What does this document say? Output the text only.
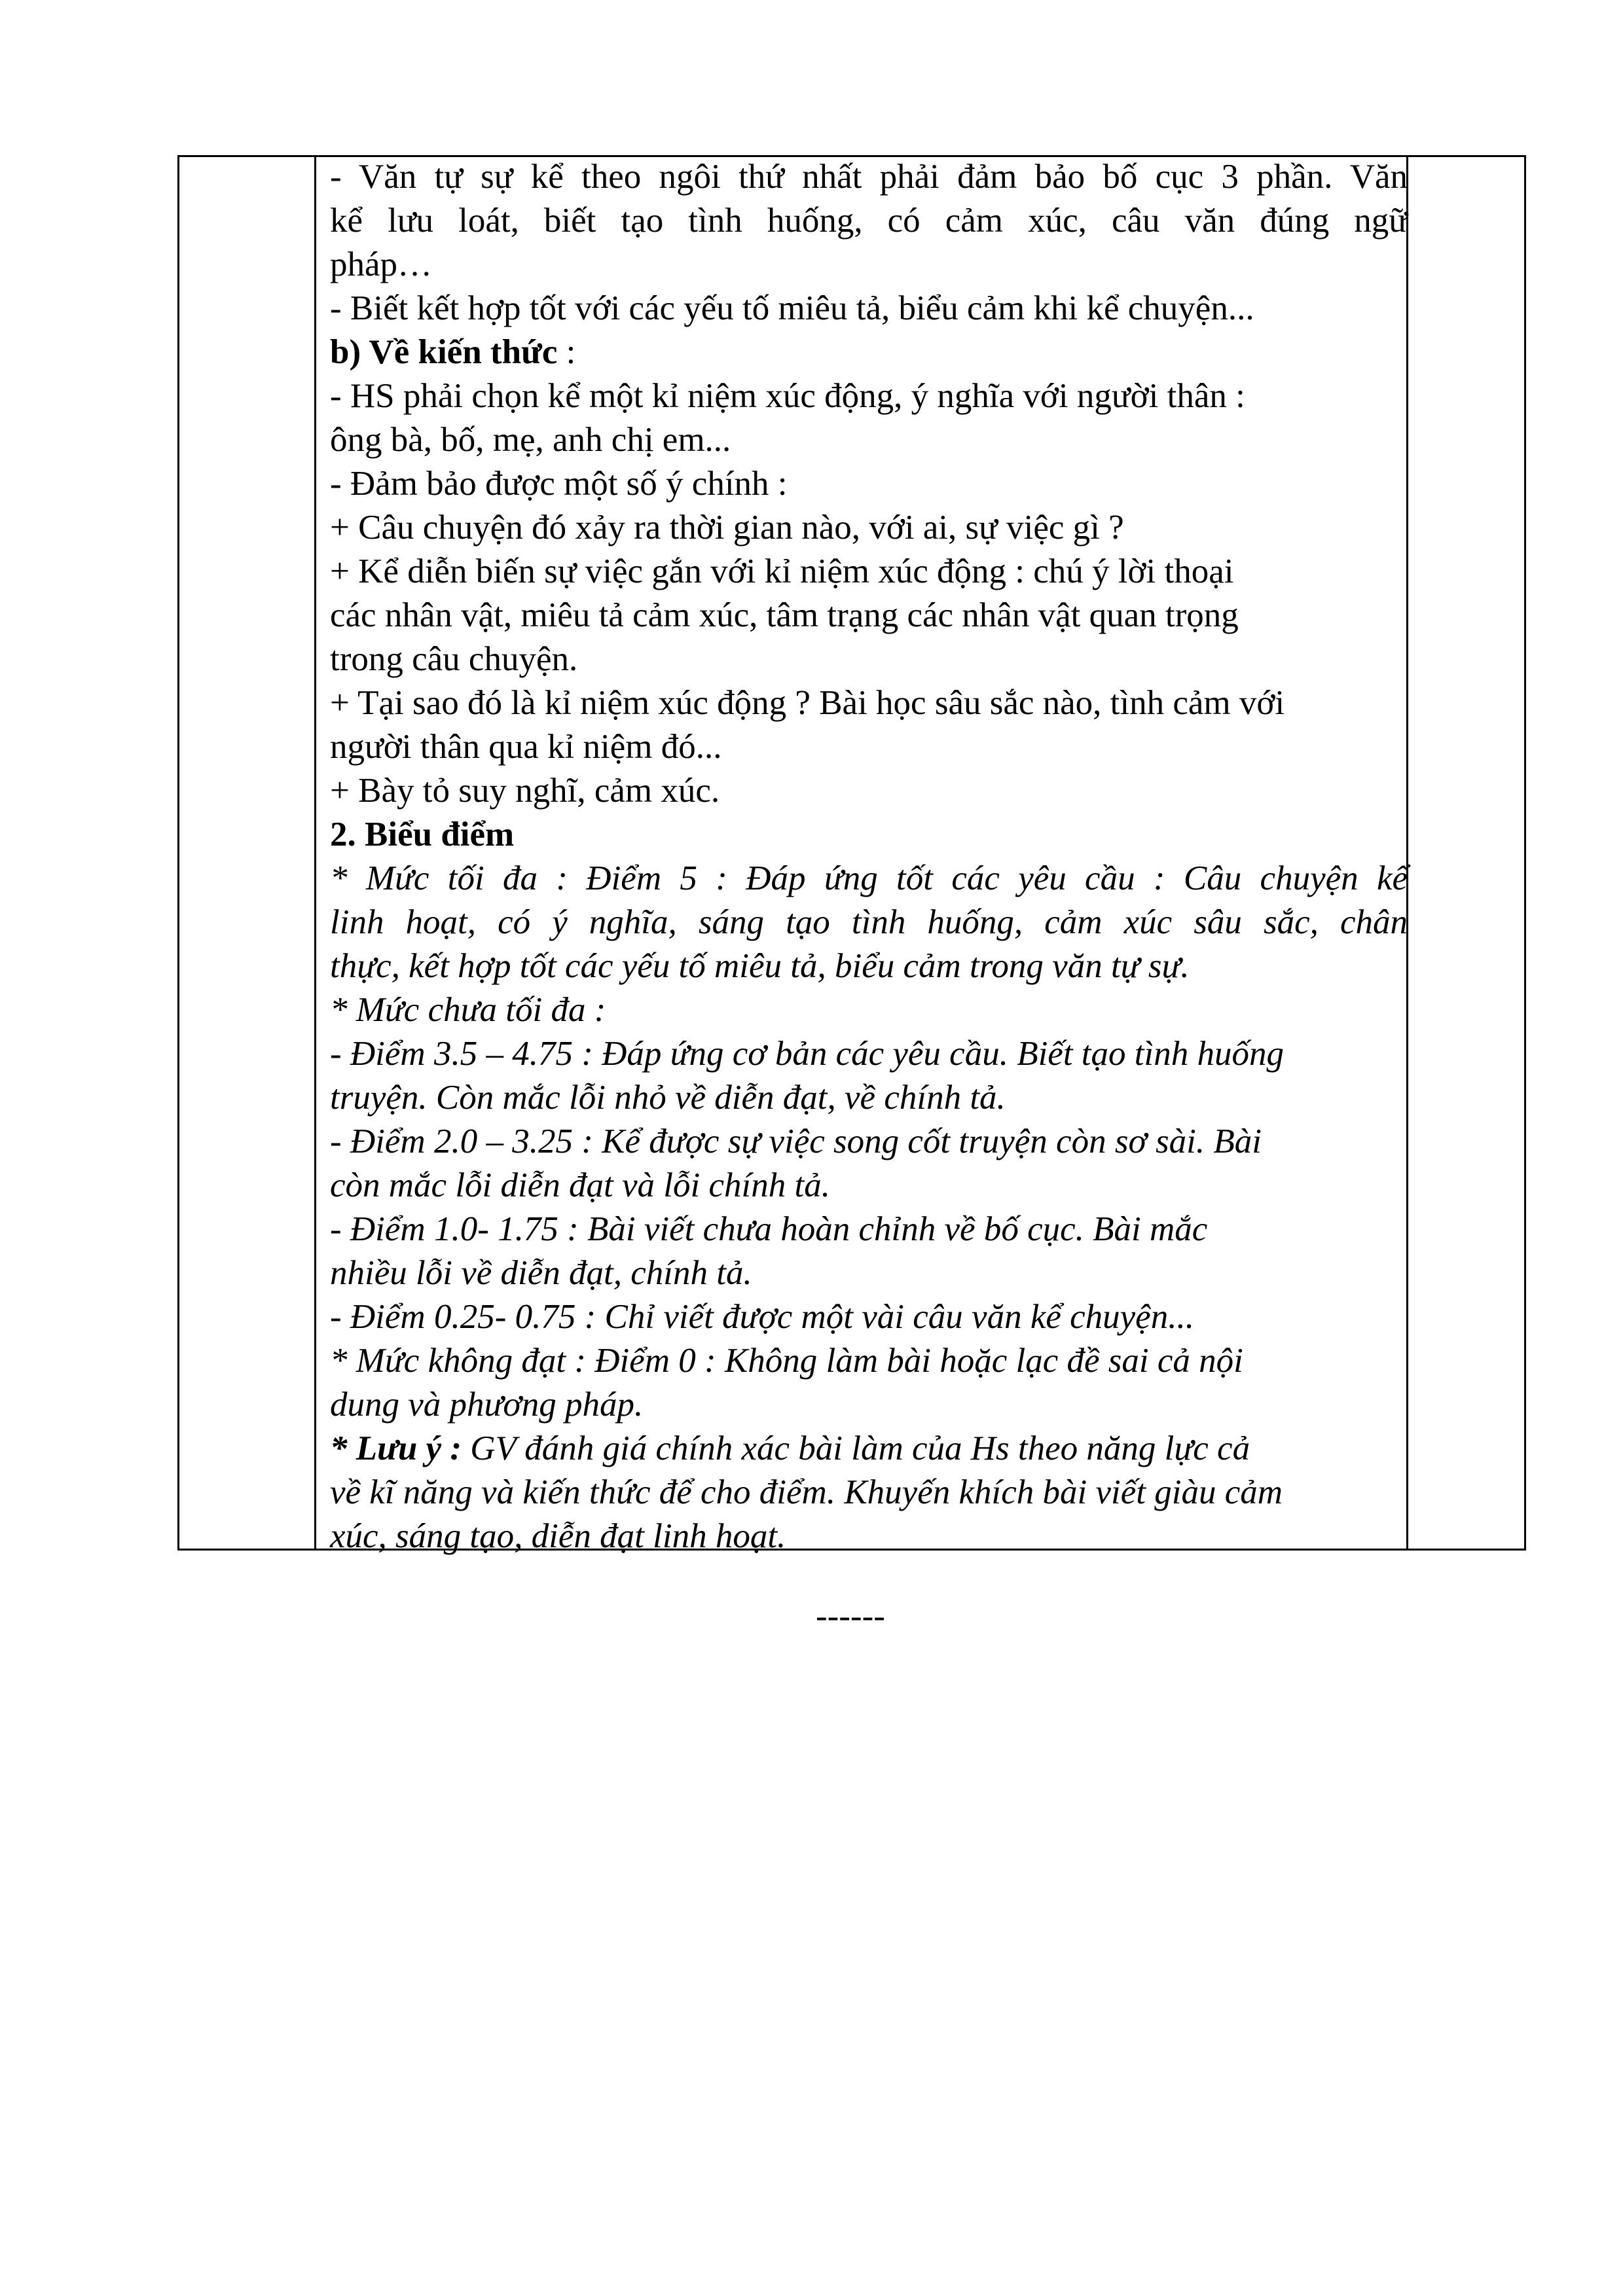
- Văn tự sự kể theo ngôi thứ nhất phải đảm bảo bố cục 3 phần. Văn

kể lưu loát, biết tạo tình huống, có cảm xúc, câu văn đúng ngữ

pháp…

- Biết kết hợp tốt với các yếu tố miêu tả, biểu cảm khi kể chuyện...

b) Về kiến thức :

- HS phải chọn kể một kỉ niệm xúc động, ý nghĩa với người thân :

ông bà, bố, mẹ, anh chị em...

- Đảm bảo được một số ý chính :

+ Câu chuyện đó xảy ra thời gian nào, với ai, sự việc gì ?

+ Kể diễn biến sự việc gắn với kỉ niệm xúc động : chú ý lời thoại

các nhân vật, miêu tả cảm xúc, tâm trạng các nhân vật quan trọng

trong câu chuyện.

+ Tại sao đó là kỉ niệm xúc động ? Bài học sâu sắc nào, tình cảm với

người thân qua kỉ niệm đó...

+ Bày tỏ suy nghĩ, cảm xúc.

2. Biểu điểm

* Mức tối đa : Điểm 5 : Đáp ứng tốt các yêu cầu : Câu chuyện kể

linh hoạt, có ý nghĩa, sáng tạo tình huống, cảm xúc sâu sắc, chân

thực, kết hợp tốt các yếu tố miêu tả, biểu cảm trong văn tự sự.

* Mức chưa tối đa :

- Điểm 3.5 – 4.75 : Đáp ứng cơ bản các yêu cầu. Biết tạo tình huống

truyện. Còn mắc lỗi nhỏ về diễn đạt, về chính tả.

- Điểm 2.0 – 3.25 : Kể được sự việc song cốt truyện còn sơ sài. Bài

còn mắc lỗi diễn đạt và lỗi chính tả.

- Điểm 1.0- 1.75 : Bài viết chưa hoàn chỉnh về bố cục. Bài mắc

nhiều lỗi về diễn đạt, chính tả.

- Điểm 0.25- 0.75 : Chỉ viết được một vài câu văn kể chuyện...

* Mức không đạt : Điểm 0 : Không làm bài hoặc lạc đề sai cả nội

dung và phương pháp.

* Lưu ý : GV đánh giá chính xác bài làm của Hs theo năng lực cả

về kĩ năng và kiến thức để cho điểm. Khuyến khích bài viết giàu cảm

xúc, sáng tạo, diễn đạt linh hoạt.

------
